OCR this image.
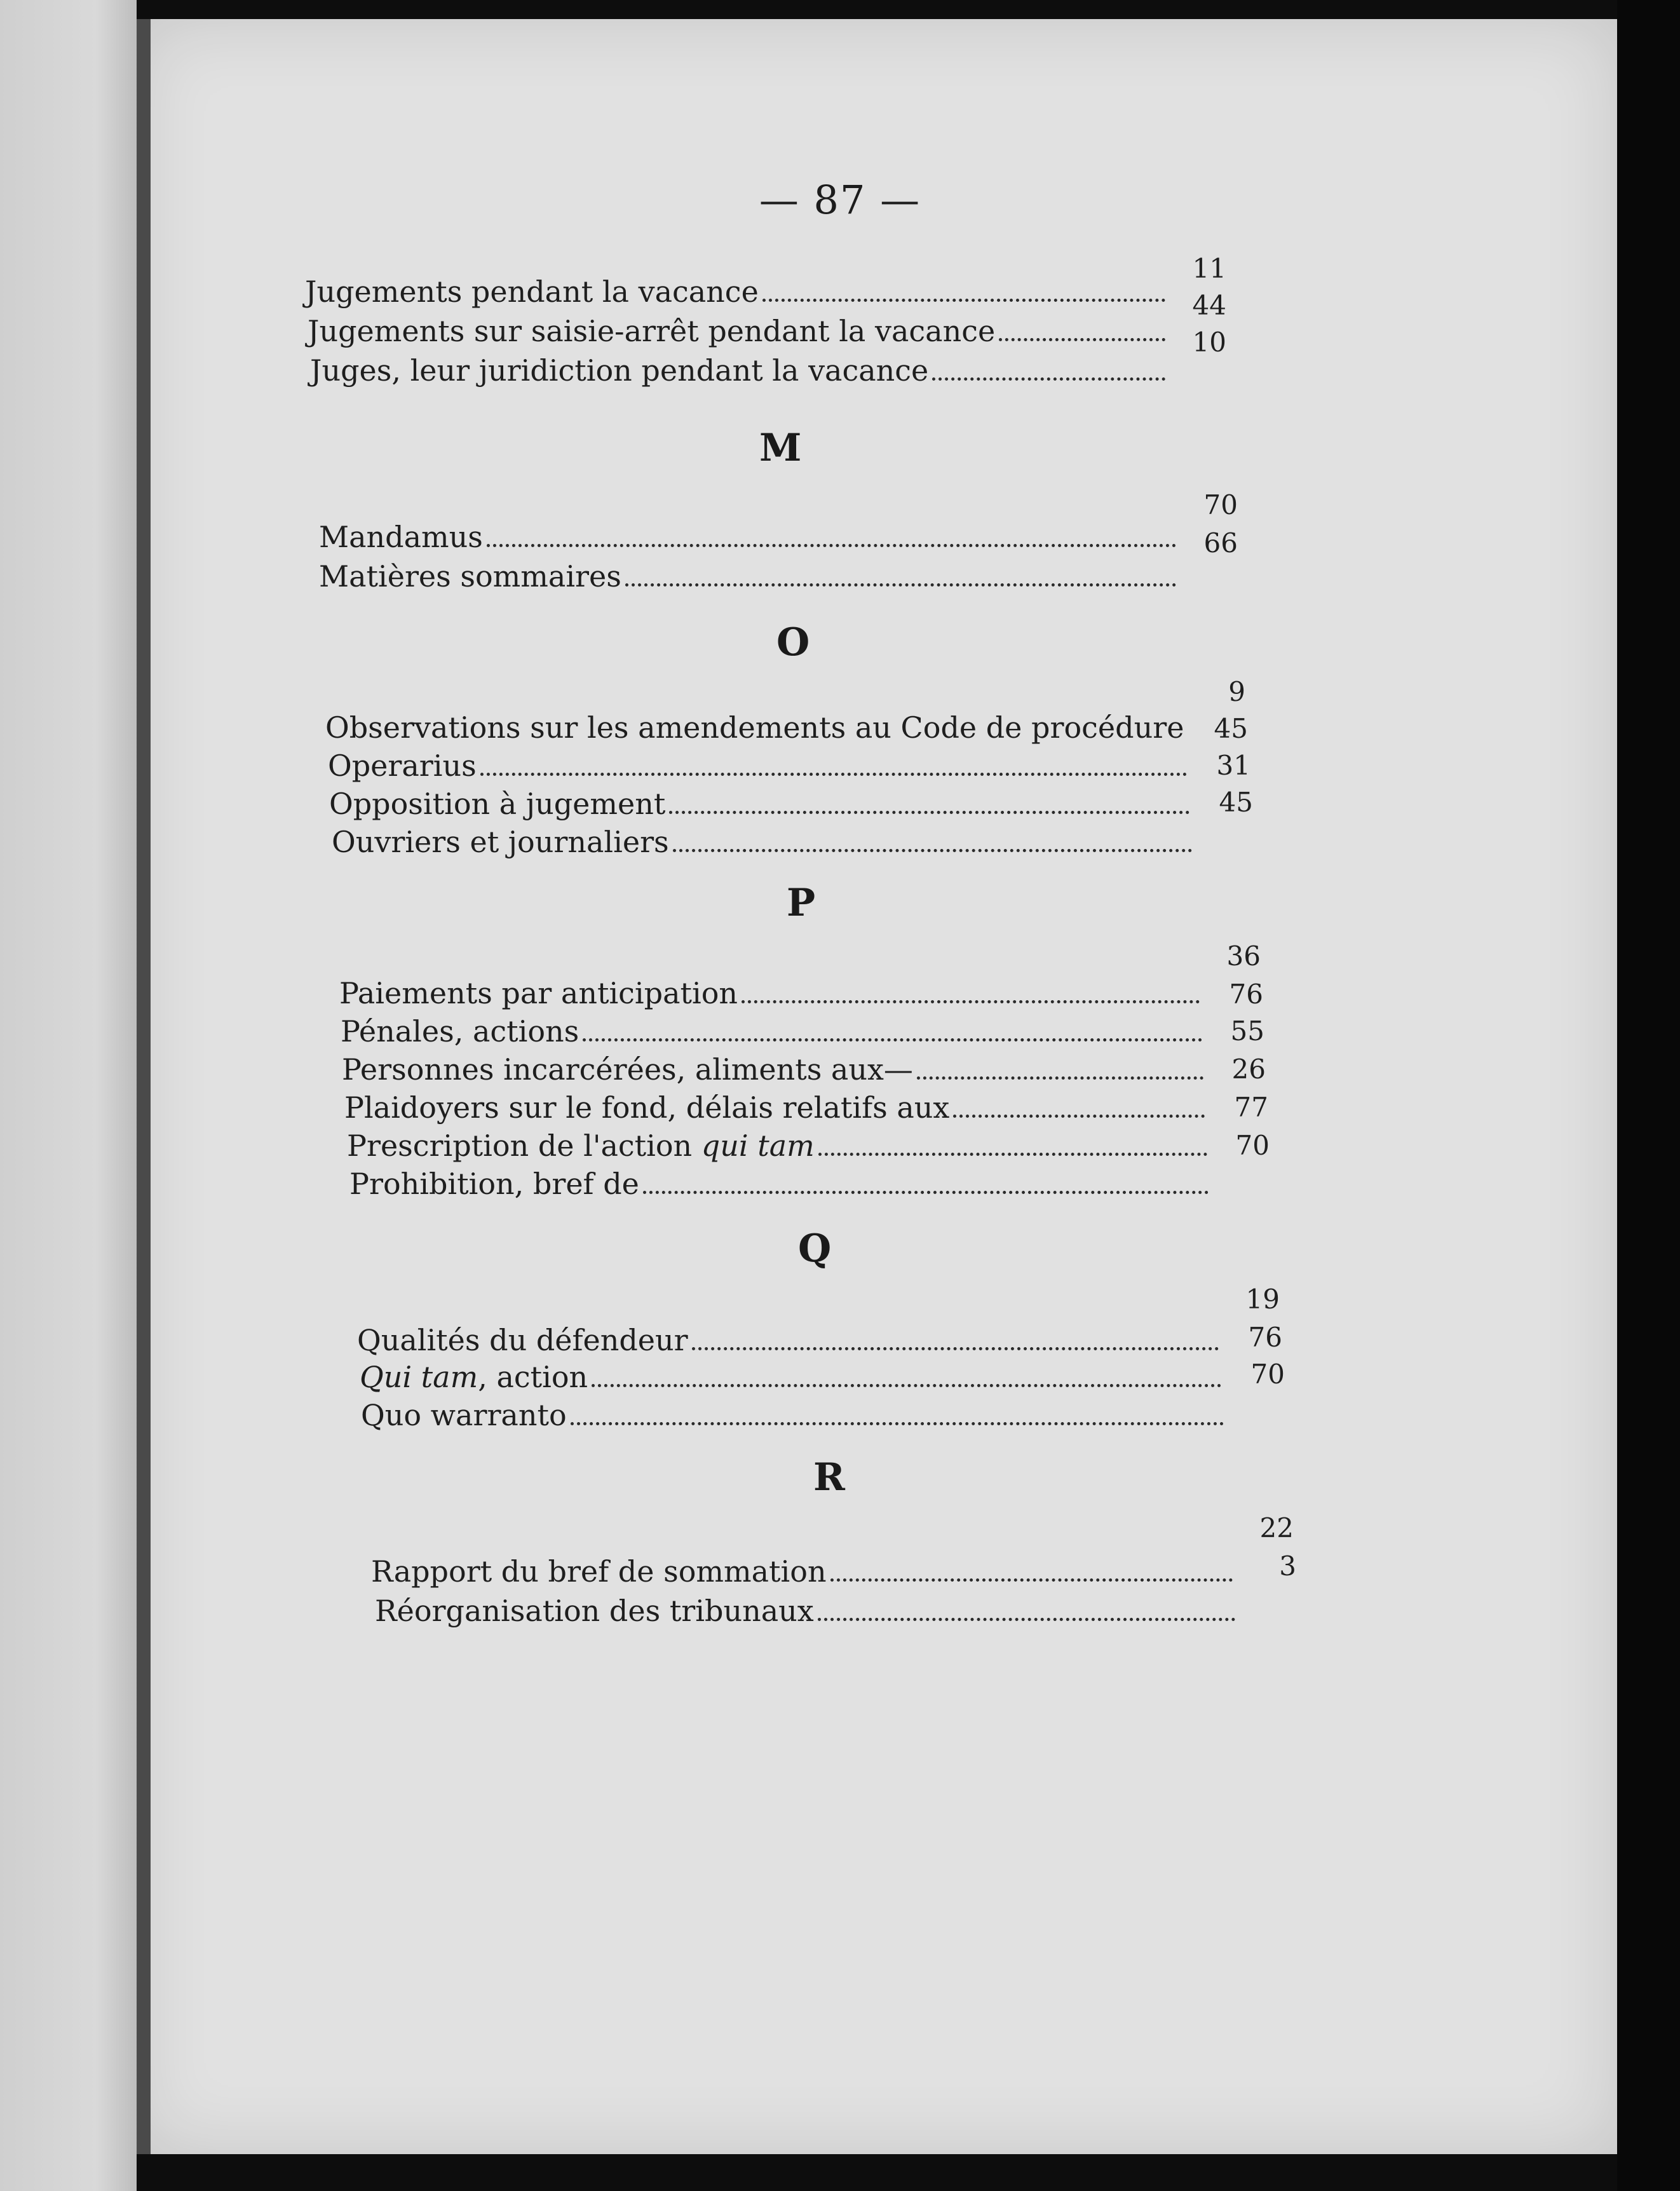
— 87 —
Jugements pendant la vacance
11
Jugements sur saisie-arrêt pendant la vacance
44
Juges, leur juridiction pendant la vacance
10
M
Mandamus
70
Matières sommaires
66
O
Observations sur les amendements au Code de procédure
9
Operarius
45
Opposition à jugement
31
Ouvriers et journaliers
45
P
Paiements par anticipation
36
Pénales, actions
76
Personnes incarcérées, aliments aux—
55
Plaidoyers sur le fond, délais relatifs aux
26
Prescription de l'action qui tam
77
Prohibition, bref de
70
Q
Qualités du défendeur
19
Qui tam, action
76
Quo warranto
70
R
Rapport du bref de sommation
22
Réorganisation des tribunaux
3
